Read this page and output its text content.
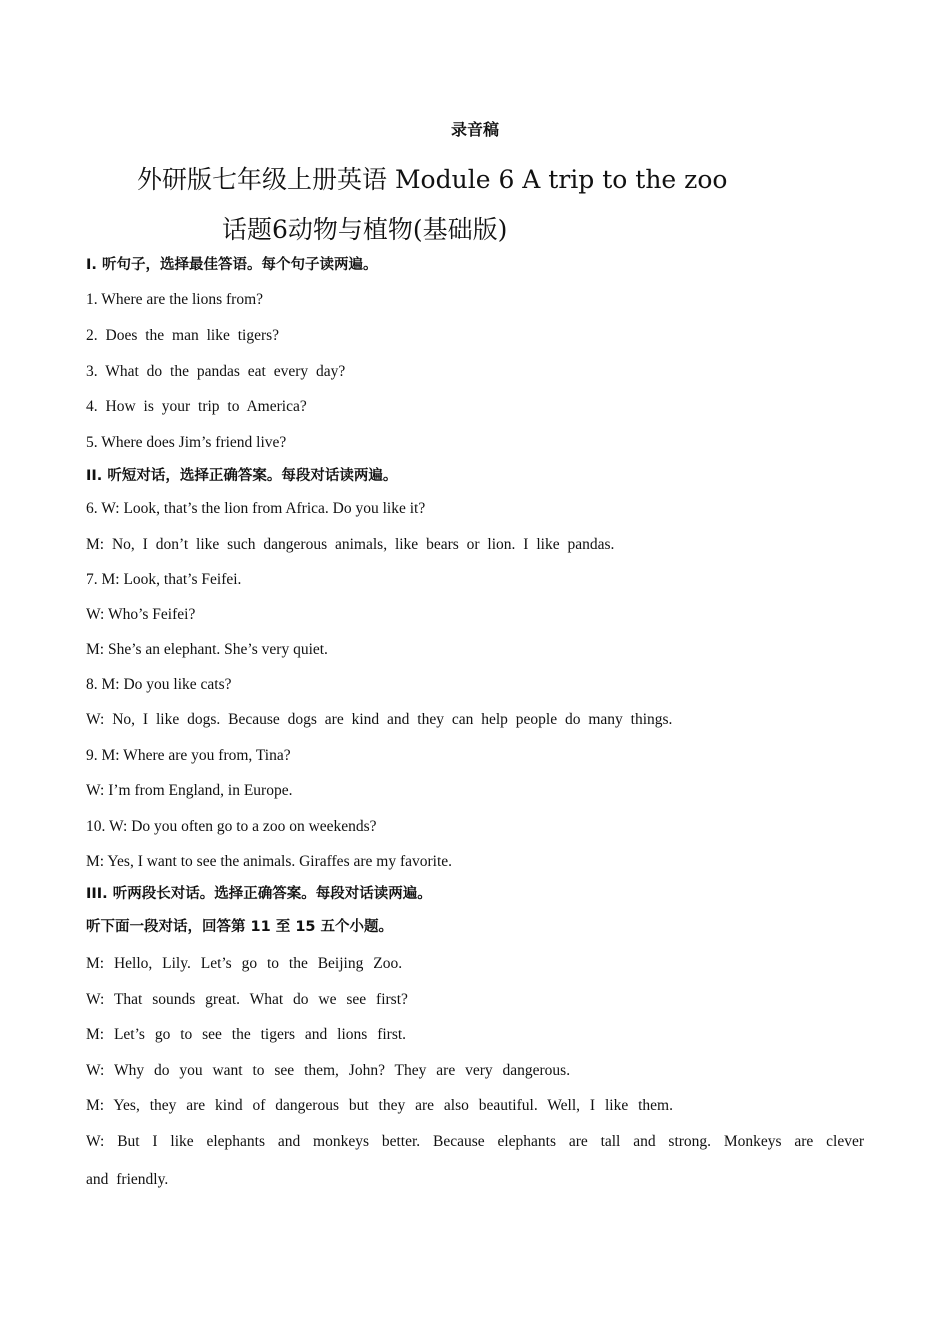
录音稿
外研版七年级上册英语 Module 6 A trip to the zoo
话题6动物与植物(基础版)
Ⅰ. 听句子，选择最佳答语。每个句子读两遍。
1. Where are the lions from?
2. Does the man like tigers?
3. What do the pandas eat every day?
4. How is your trip to America?
5. Where does Jim’s friend live?
II. 听短对话，选择正确答案。每段对话读两遍。
6. W: Look, that’s the lion from Africa. Do you like it?
M: No, I don’t like such dangerous animals, like bears or lion. I like pandas.
7. M: Look, that’s Feifei.
W: Who’s Feifei?
M: She’s an elephant. She’s very quiet.
8. M: Do you like cats?
W: No, I like dogs. Because dogs are kind and they can help people do many things.
9. M: Where are you from, Tina?
W: I’m from England, in Europe.
10. W: Do you often go to a zoo on weekends?
M: Yes, I want to see the animals. Giraffes are my favorite.
III. 听两段长对话。选择正确答案。每段对话读两遍。
听下面一段对话，回答第 11 至 15 五个小题。
M: Hello, Lily. Let’s go to the Beijing Zoo.
W: That sounds great. What do we see first?
M: Let’s go to see the tigers and lions first.
W: Why do you want to see them, John? They are very dangerous.
M: Yes, they are kind of dangerous but they are also beautiful. Well, I like them.
W: But I like elephants and monkeys better. Because elephants are tall and strong. Monkeys are clever
and friendly.
